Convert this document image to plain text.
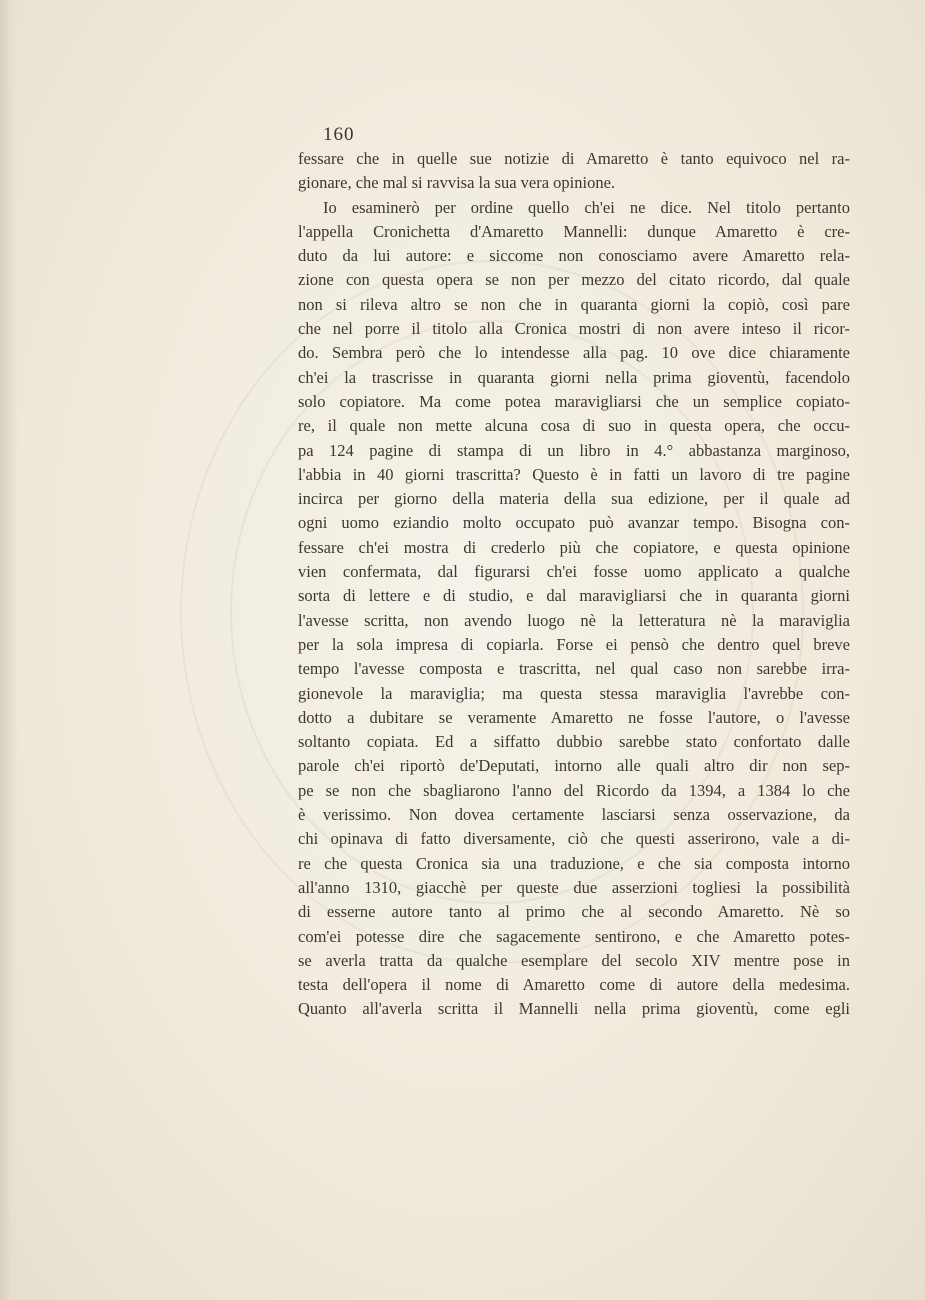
160
fessare che in quelle sue notizie di Amaretto è tanto equivoco nel ra-
gionare, che mal si ravvisa la sua vera opinione.
Io esaminerò per ordine quello ch'ei ne dice. Nel titolo pertanto
l'appella Cronichetta d'Amaretto Mannelli: dunque Amaretto è cre-
duto da lui autore: e siccome non conosciamo avere Amaretto rela-
zione con questa opera se non per mezzo del citato ricordo, dal quale
non si rileva altro se non che in quaranta giorni la copiò, così pare
che nel porre il titolo alla Cronica mostri di non avere inteso il ricor-
do. Sembra però che lo intendesse alla pag. 10 ove dice chiaramente
ch'ei la trascrisse in quaranta giorni nella prima gioventù, facendolo
solo copiatore. Ma come potea maravigliarsi che un semplice copiato-
re, il quale non mette alcuna cosa di suo in questa opera, che occu-
pa 124 pagine di stampa di un libro in 4.° abbastanza marginoso,
l'abbia in 40 giorni trascritta? Questo è in fatti un lavoro di tre pagine
incirca per giorno della materia della sua edizione, per il quale ad
ogni uomo eziandio molto occupato può avanzar tempo. Bisogna con-
fessare ch'ei mostra di crederlo più che copiatore, e questa opinione
vien confermata, dal figurarsi ch'ei fosse uomo applicato a qualche
sorta di lettere e di studio, e dal maravigliarsi che in quaranta giorni
l'avesse scritta, non avendo luogo nè la letteratura nè la maraviglia
per la sola impresa di copiarla. Forse ei pensò che dentro quel breve
tempo l'avesse composta e trascritta, nel qual caso non sarebbe irra-
gionevole la maraviglia; ma questa stessa maraviglia l'avrebbe con-
dotto a dubitare se veramente Amaretto ne fosse l'autore, o l'avesse
soltanto copiata. Ed a siffatto dubbio sarebbe stato confortato dalle
parole ch'ei riportò de'Deputati, intorno alle quali altro dir non sep-
pe se non che sbagliarono l'anno del Ricordo da 1394, a 1384 lo che
è verissimo. Non dovea certamente lasciarsi senza osservazione, da
chi opinava di fatto diversamente, ciò che questi asserirono, vale a di-
re che questa Cronica sia una traduzione, e che sia composta intorno
all'anno 1310, giacchè per queste due asserzioni togliesi la possibilità
di esserne autore tanto al primo che al secondo Amaretto. Nè so
com'ei potesse dire che sagacemente sentirono, e che Amaretto potes-
se averla tratta da qualche esemplare del secolo XIV mentre pose in
testa dell'opera il nome di Amaretto come di autore della medesima.
Quanto all'averla scritta il Mannelli nella prima gioventù, come egli
